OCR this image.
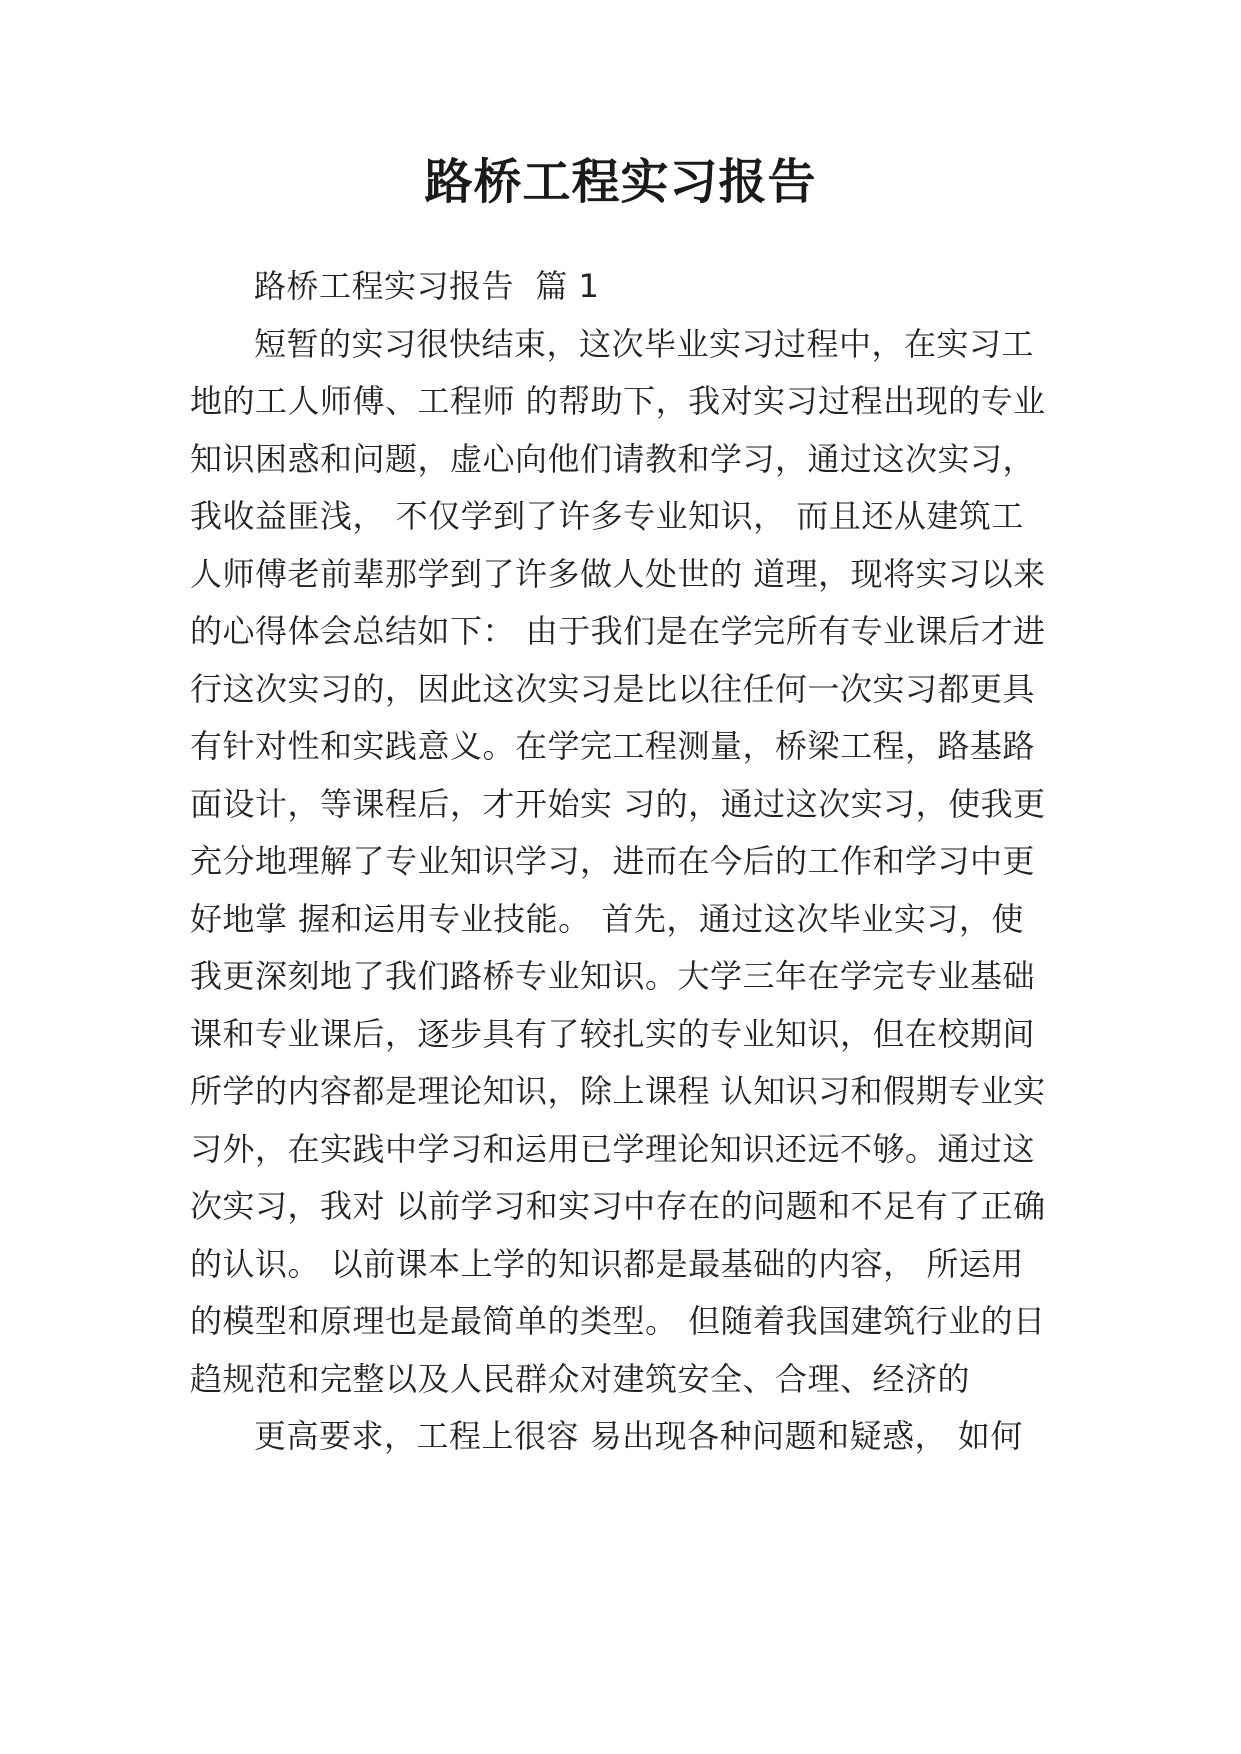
路桥工程实习报告

路桥工程实习报告  篇 1

短暂的实习很快结束，这次毕业实习过程中，在实习工地的工人师傅、工程师 的帮助下，我对实习过程出现的专业知识困惑和问题，虚心向他们请教和学习，通过这次实习，我收益匪浅， 不仅学到了许多专业知识， 而且还从建筑工人师傅老前辈那学到了许多做人处世的 道理，现将实习以来的心得体会总结如下： 由于我们是在学完所有专业课后才进行这次实习的，因此这次实习是比以往任何一次实习都更具有针对性和实践意义。在学完工程测量，桥梁工程，路基路面设计，等课程后，才开始实 习的，通过这次实习，使我更充分地理解了专业知识学习，进而在今后的工作和学习中更好地掌 握和运用专业技能。 首先，通过这次毕业实习，使我更深刻地了我们路桥专业知识。大学三年在学完专业基础 课和专业课后，逐步具有了较扎实的专业知识，但在校期间所学的内容都是理论知识，除上课程 认知识习和假期专业实习外，在实践中学习和运用已学理论知识还远不够。通过这次实习，我对 以前学习和实习中存在的问题和不足有了正确的认识。 以前课本上学的知识都是最基础的内容， 所运用的模型和原理也是最简单的类型。 但随着我国建筑行业的日趋规范和完整以及人民群众对建筑安全、合理、经济的

更高要求，工程上很容 易出现各种问题和疑惑， 如何
